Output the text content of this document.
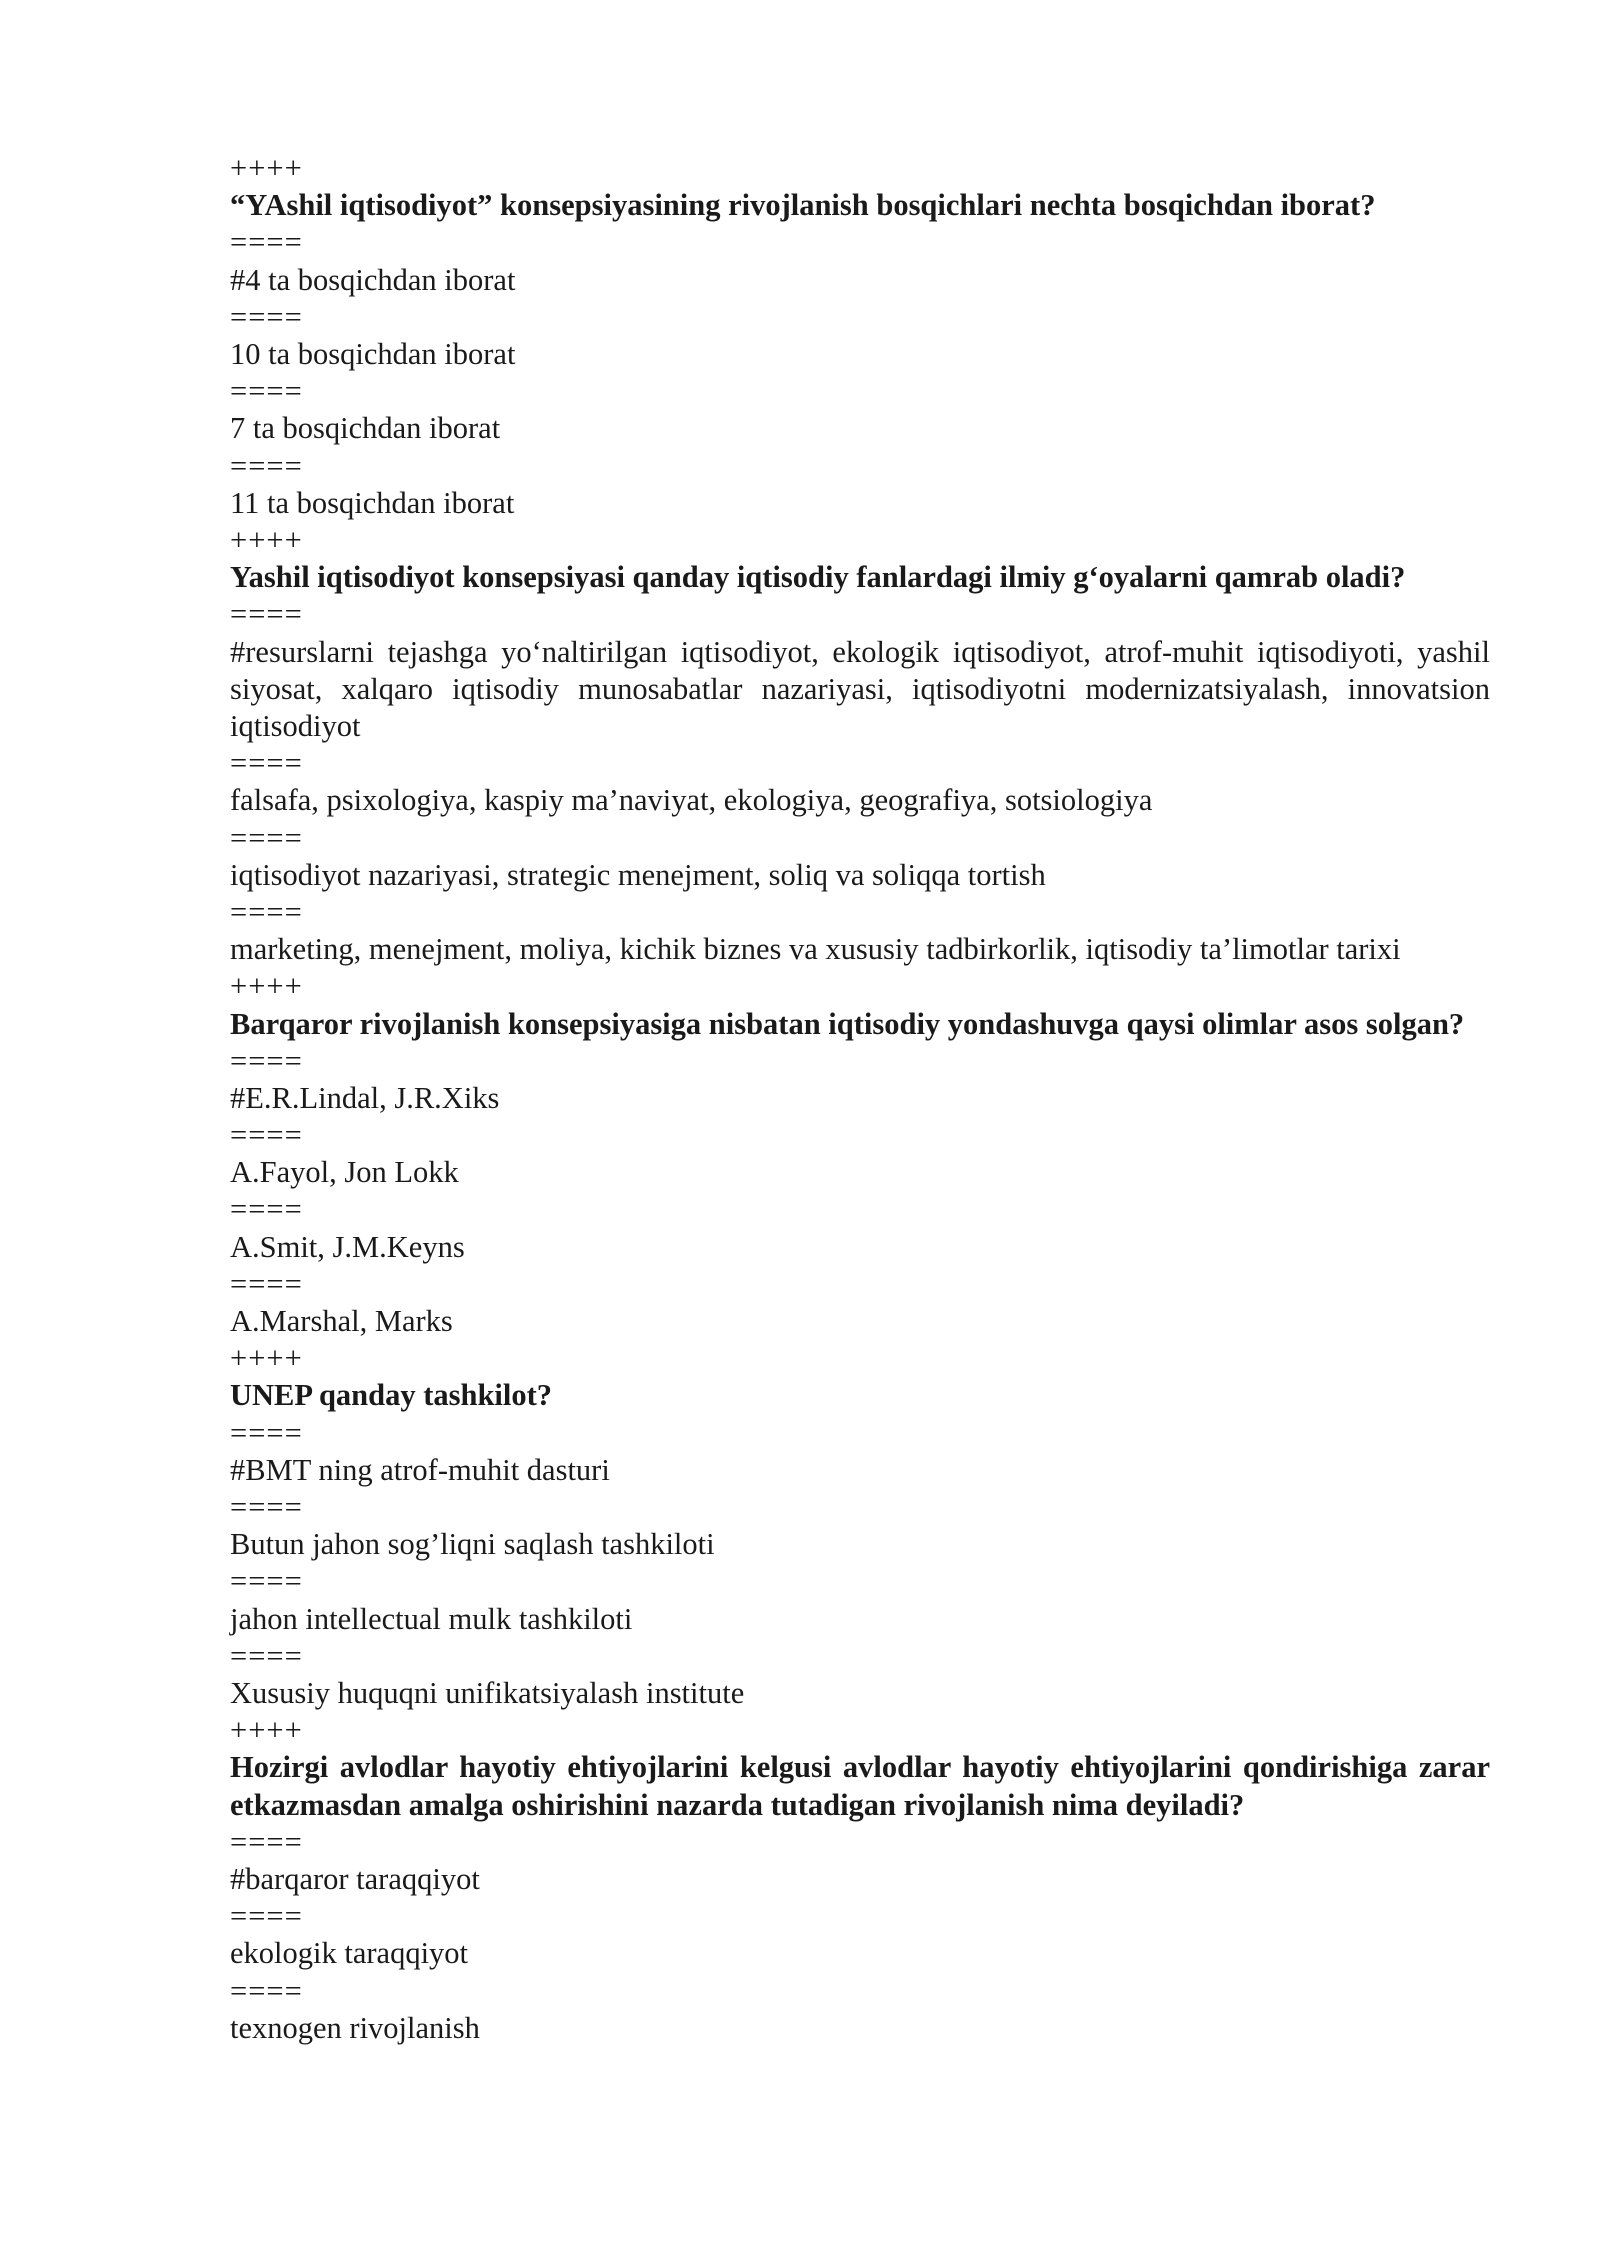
++++
“YAshil iqtisodiyot” konsepsiyasining rivojlanish bosqichlari nechta bosqichdan iborat?
====
#4 ta bosqichdan iborat
====
10 ta bosqichdan iborat
====
7 ta bosqichdan iborat
====
11 ta bosqichdan iborat
++++
Yashil iqtisodiyot konsepsiyasi qanday iqtisodiy fanlardagi ilmiy g‘oyalarni qamrab oladi?
====
#resurslarni tejashga yo‘naltirilgan iqtisodiyot, ekologik iqtisodiyot, atrof-muhit iqtisodiyoti, yashil siyosat, xalqaro iqtisodiy munosabatlar nazariyasi, iqtisodiyotni modernizatsiyalash, innovatsion iqtisodiyot
====
falsafa, psixologiya, kaspiy ma’naviyat, ekologiya, geografiya, sotsiologiya
====
iqtisodiyot nazariyasi, strategic menejment, soliq va soliqqa tortish
====
marketing, menejment, moliya, kichik biznes va xususiy tadbirkorlik, iqtisodiy ta’limotlar tarixi
++++
Barqaror rivojlanish konsepsiyasiga nisbatan iqtisodiy yondashuvga qaysi olimlar asos solgan?
====
#E.R.Lindal, J.R.Xiks
====
A.Fayol, Jon Lokk
====
A.Smit, J.M.Keyns
====
A.Marshal, Marks
++++
UNEP qanday tashkilot?
====
#BMT ning atrof-muhit dasturi
====
Butun jahon sog’liqni saqlash tashkiloti
====
jahon intellectual mulk tashkiloti
====
Xususiy huquqni unifikatsiyalash institute
++++
Hozirgi avlodlar hayotiy ehtiyojlarini kelgusi avlodlar hayotiy ehtiyojlarini qondirishiga zarar etkazmasdan amalga oshirishini nazarda tutadigan rivojlanish nima deyiladi?
====
#barqaror taraqqiyot
====
ekologik taraqqiyot
====
texnogen rivojlanish
